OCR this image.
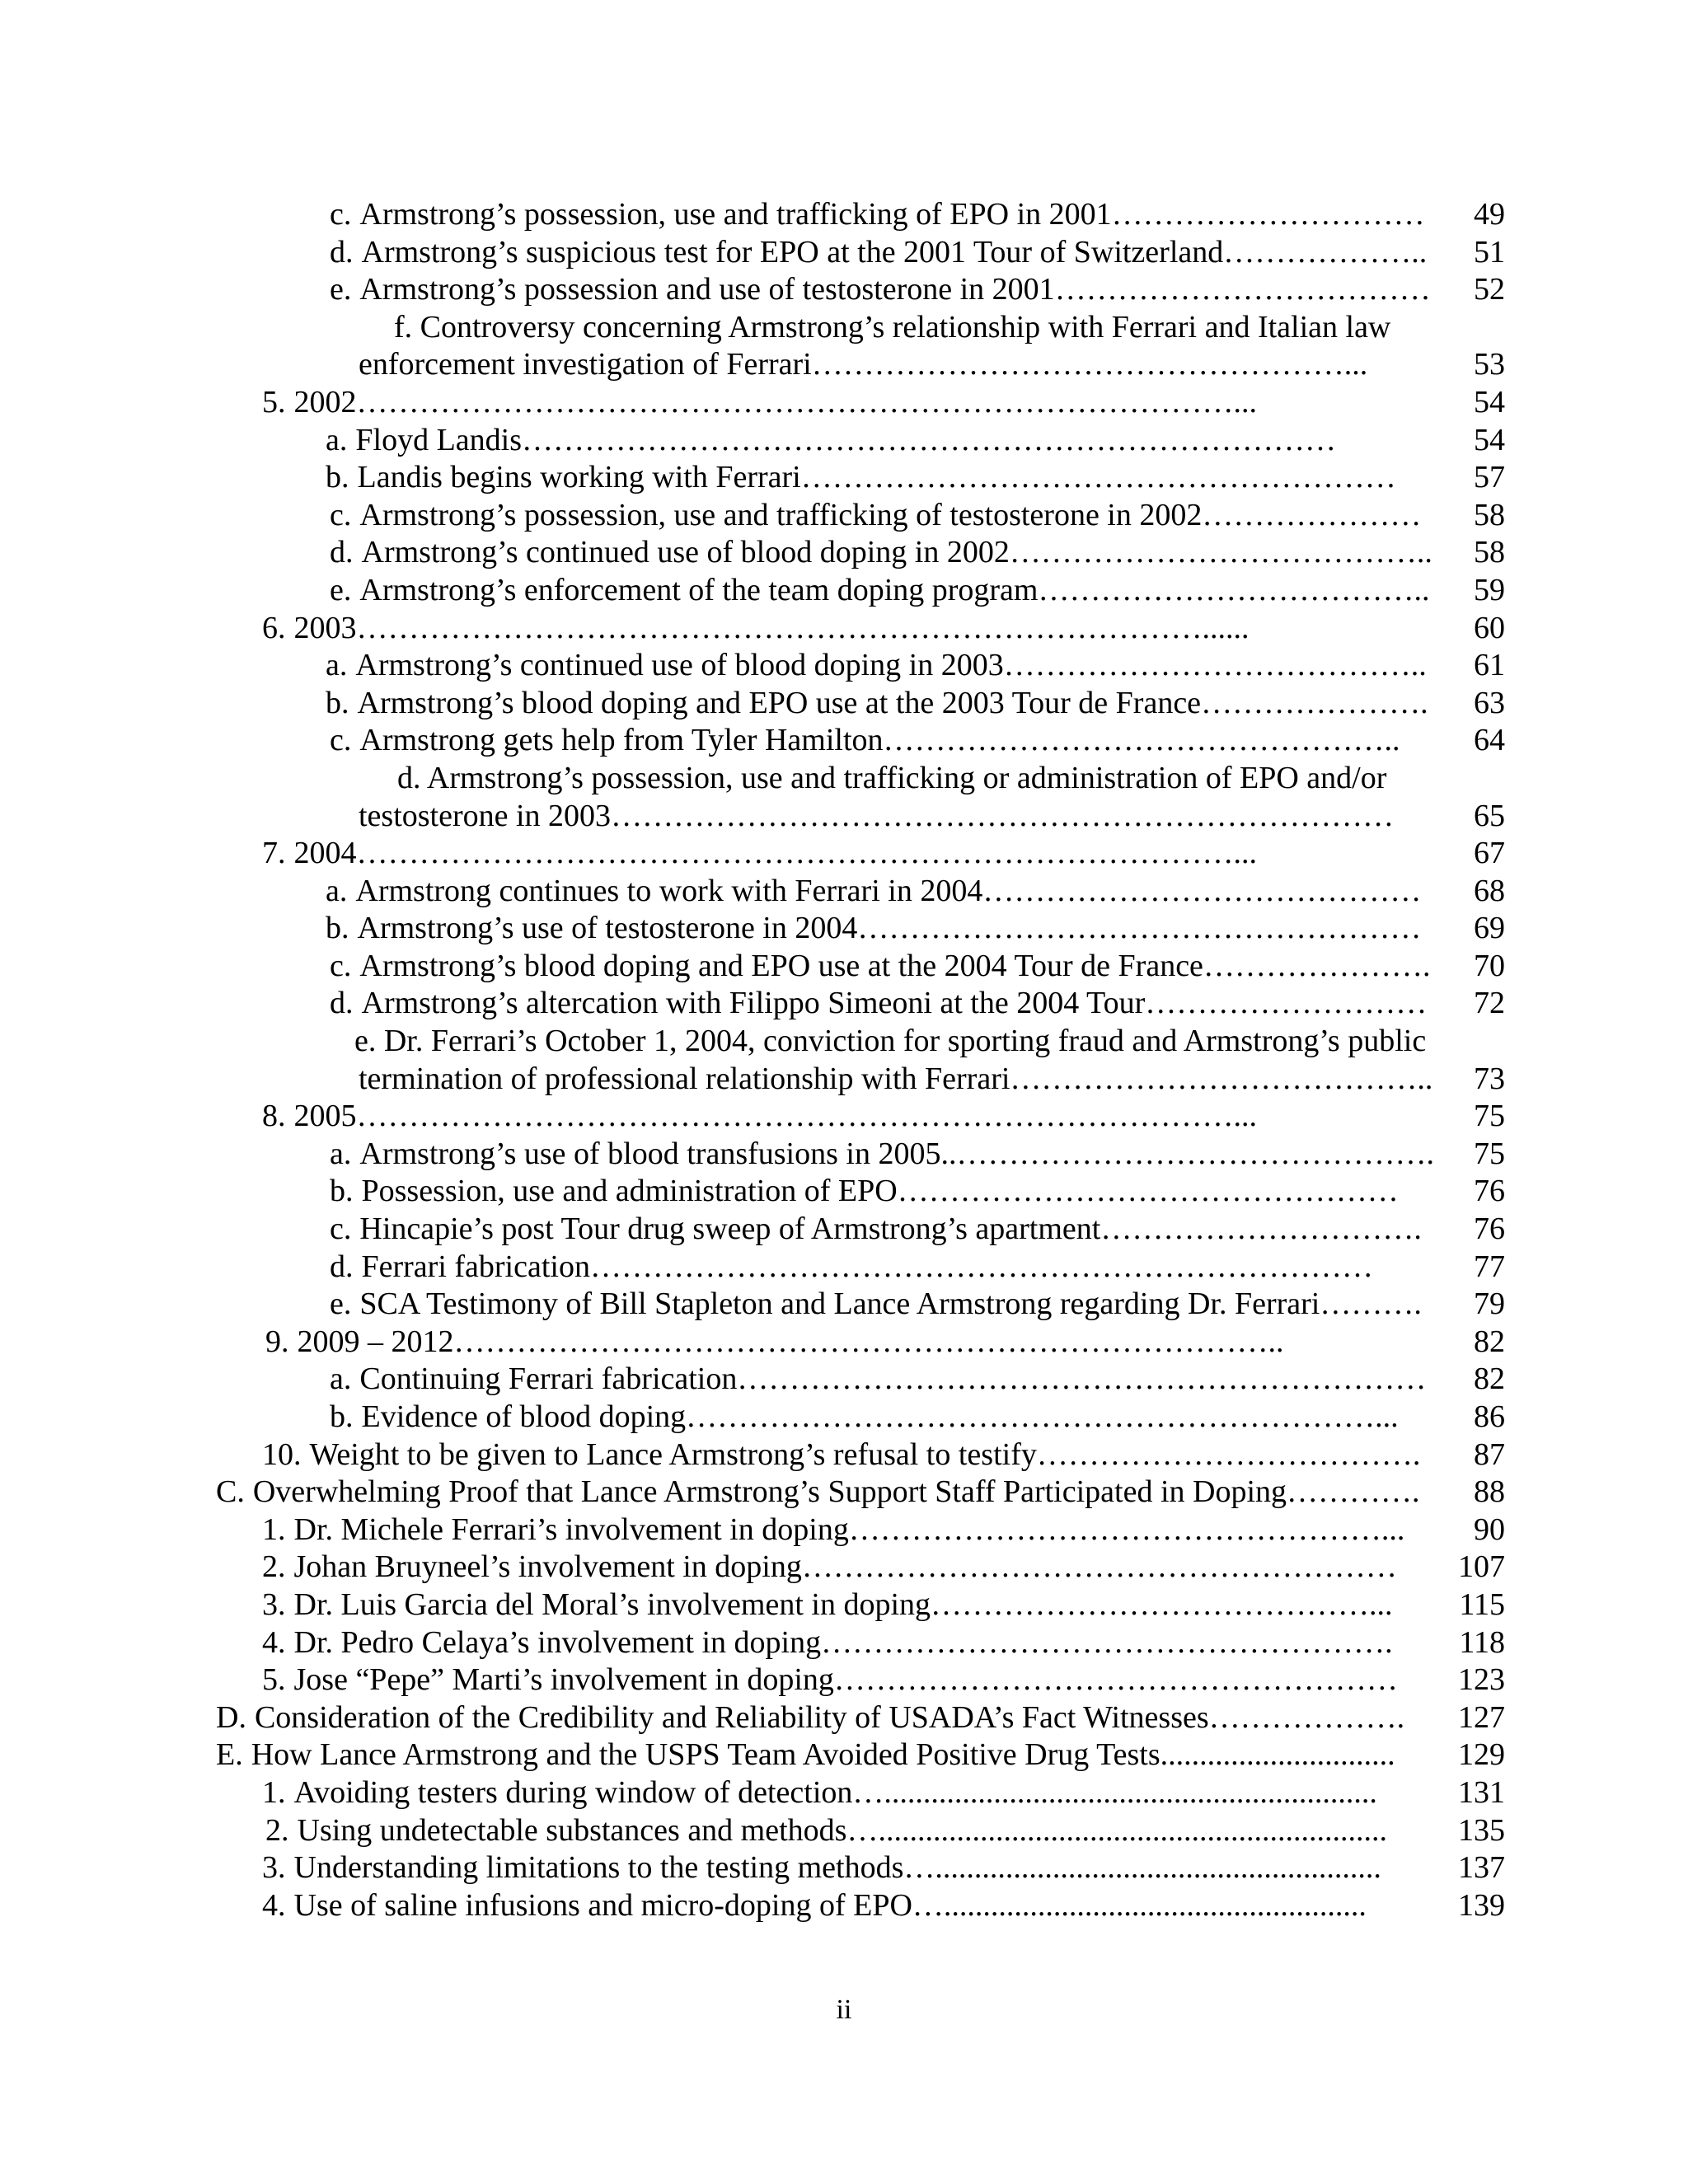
c. Armstrong’s possession, use and trafficking of EPO in 2001 …………………………	49
d. Armstrong’s suspicious test for EPO at the 2001 Tour of Switzerland ………………..	51
e. Armstrong’s possession and use of testosterone in 2001 ………………………………	52
f. Controversy concerning Armstrong’s relationship with Ferrari and Italian law
enforcement investigation of Ferrari ……………………………………………...	53
5. 2002 …………………………………………………………………………...	54
a. Floyd Landis ……………………………………………………………………	54
b. Landis begins working with Ferrari …………………………………………………	57
c. Armstrong’s possession, use and trafficking of testosterone in 2002 …………………	58
d. Armstrong’s continued use of blood doping in 2002 …………………………………..	58
e. Armstrong’s enforcement of the team doping program ………………………………..	59
6. 2003 ………………………………………………………………………......	60
a. Armstrong’s continued use of blood doping in 2003 …………………………………..	61
b. Armstrong’s blood doping and EPO use at the 2003 Tour de France ………………….	63
c. Armstrong gets help from Tyler Hamilton …………………………………………..	64
d. Armstrong’s possession, use and trafficking or administration of EPO and/or
testosterone in 2003 …………………………………………………………………	65
7. 2004 …………………………………………………………………………...	67
a. Armstrong continues to work with Ferrari in 2004 ……………………………………	68
b. Armstrong’s use of testosterone in 2004 ………………………………………………	69
c. Armstrong’s blood doping and EPO use at the 2004 Tour de France ………………….	70
d. Armstrong’s altercation with Filippo Simeoni at the 2004 Tour ………………………	72
e. Dr. Ferrari’s October 1, 2004, conviction for sporting fraud and Armstrong’s public
termination of professional relationship with Ferrari …………………………………..	73
8. 2005 …………………………………………………………………………...	75
a. Armstrong’s use of blood transfusions in 2005.. ……………………………………….	75
b. Possession, use and administration of EPO …………………………………………	76
c. Hincapie’s post Tour drug sweep of Armstrong’s apartment ………………………….	76
d. Ferrari fabrication …………………………………………………………………	77
e. SCA Testimony of Bill Stapleton and Lance Armstrong regarding Dr. Ferrari ……….	79
9. 2009 – 2012 ……………………………………………………………………..	82
a. Continuing Ferrari fabrication …………………………………………………………	82
b. Evidence of blood doping …………………………………………………………...	86
10. Weight to be given to Lance Armstrong’s refusal to testify ……………………………….	87
C. Overwhelming Proof that Lance Armstrong’s Support Staff Participated in Doping ………….	88
1. Dr. Michele Ferrari’s involvement in doping ……………………………………………...	90
2. Johan Bruyneel’s involvement in doping …………………………………………………	107
3. Dr. Luis Garcia del Moral’s involvement in doping ……………………………………...	115
4. Dr. Pedro Celaya’s involvement in doping ……………………………………………….	118
5. Jose “Pepe” Marti’s involvement in doping ………………………………………………	123
D. Consideration of the Credibility and Reliability of USADA’s Fact Witnesses ……………….	127
E. How Lance Armstrong and the USPS Team Avoided Positive Drug Tests ..............................	129
1. Avoiding testers during window of detection …...............................................................	131
2. Using undetectable substances and methods ….................................................................	135
3. Understanding limitations to the testing methods ….........................................................	137
4. Use of saline infusions and micro-doping of EPO …......................................................	139
ii
